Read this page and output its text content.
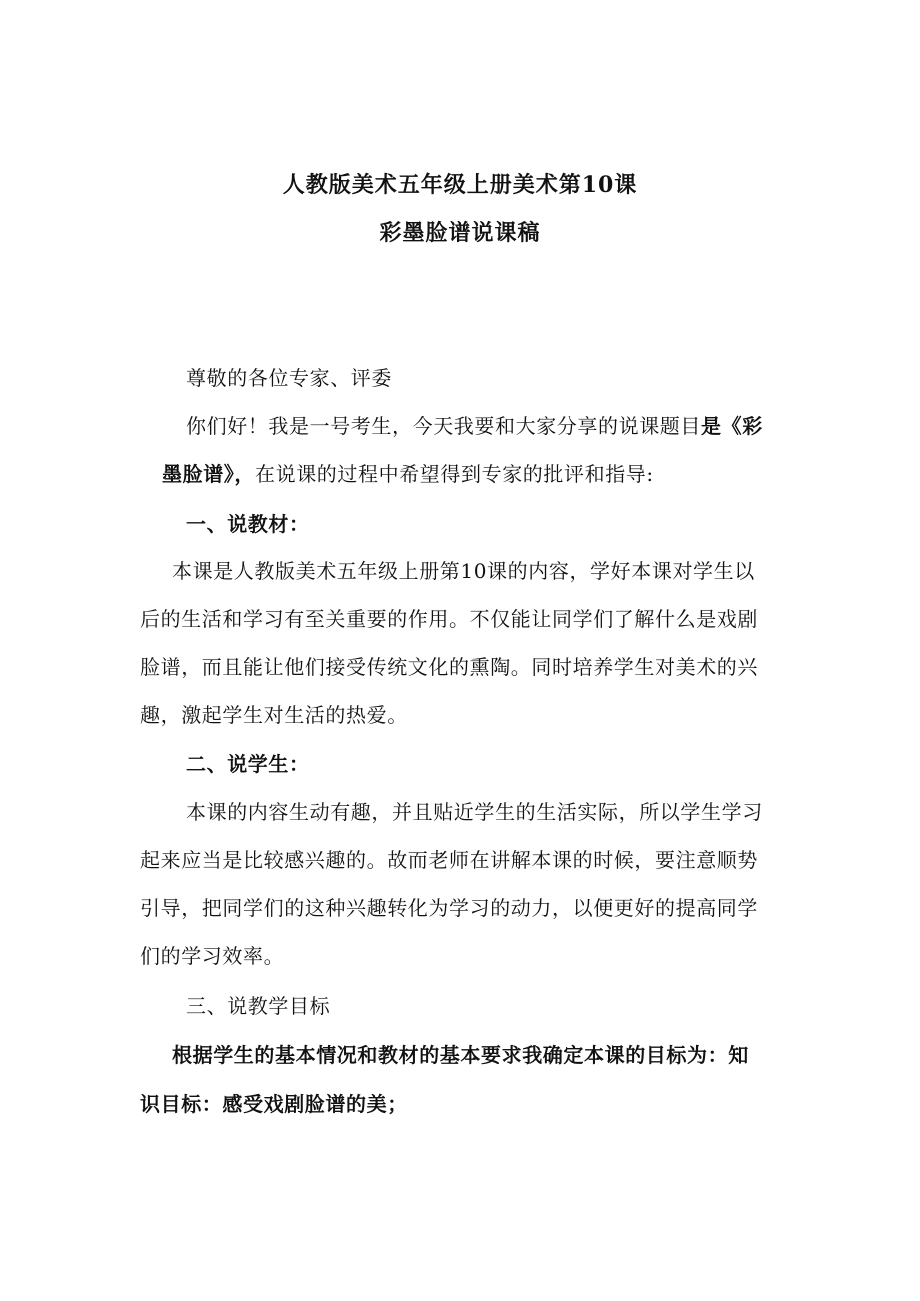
人教版美术五年级上册美术第10课
彩墨脸谱说课稿
尊敬的各位专家、评委
你们好！我是一号考生，今天我要和大家分享的说课题目是《彩
墨脸谱》，在说课的过程中希望得到专家的批评和指导:
一、说教材：
本课是人教版美术五年级上册第10课的内容，学好本课对学生以
后的生活和学习有至关重要的作用。不仅能让同学们了解什么是戏剧
脸谱，而且能让他们接受传统文化的熏陶。同时培养学生对美术的兴
趣，激起学生对生活的热爱。
二、说学生：
本课的内容生动有趣，并且贴近学生的生活实际，所以学生学习
起来应当是比较感兴趣的。故而老师在讲解本课的时候，要注意顺势
引导，把同学们的这种兴趣转化为学习的动力，以便更好的提高同学
们的学习效率。
三、说教学目标
根据学生的基本情况和教材的基本要求我确定本课的目标为：知
识目标：感受戏剧脸谱的美；
